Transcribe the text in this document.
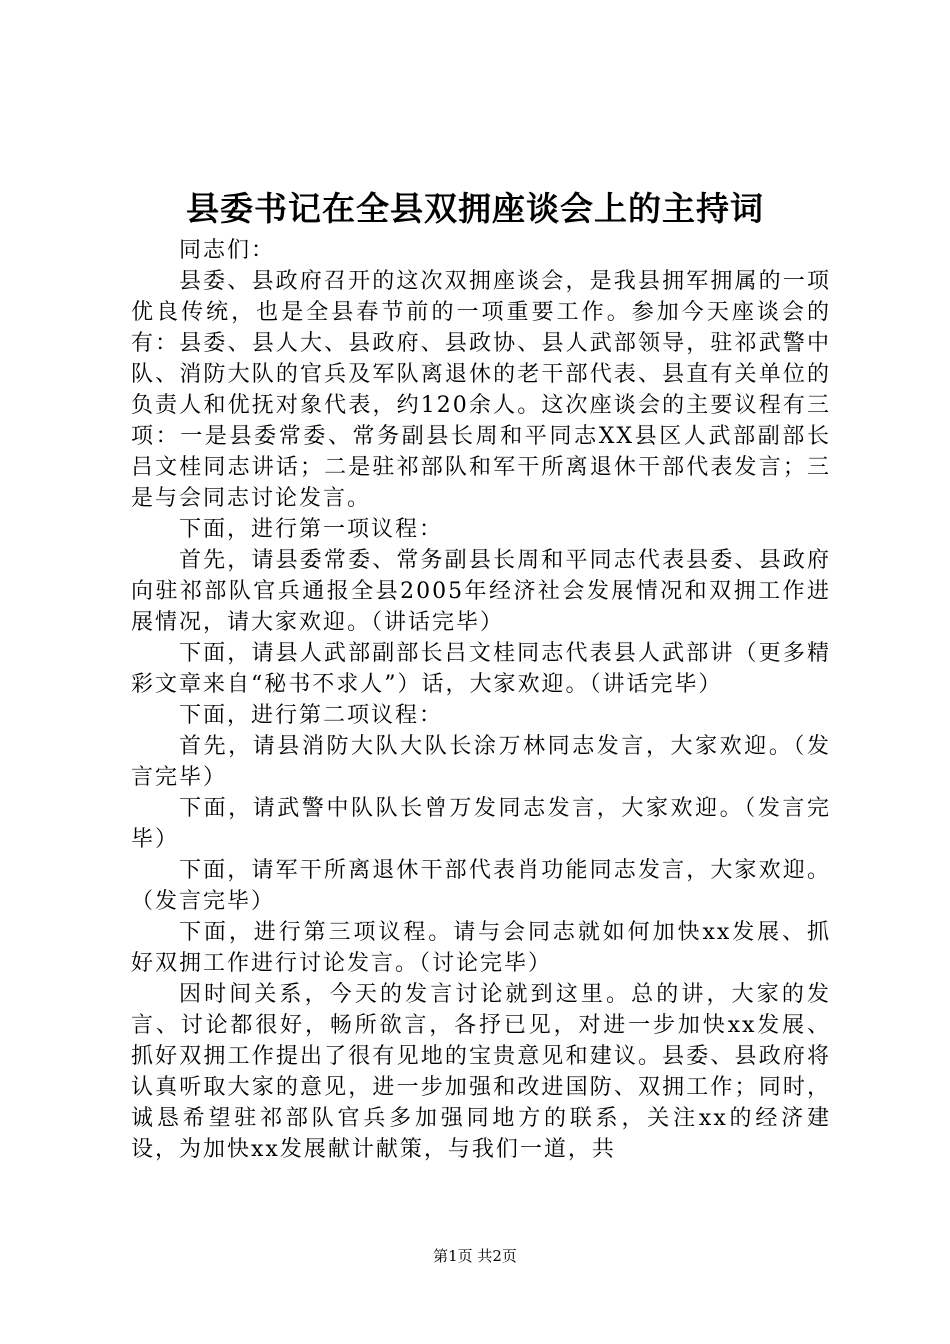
县委书记在全县双拥座谈会上的主持词

同志们：

县委、县政府召开的这次双拥座谈会，是我县拥军拥属的一项优良传统，也是全县春节前的一项重要工作。参加今天座谈会的有：县委、县人大、县政府、县政协、县人武部领导，驻祁武警中队、消防大队的官兵及军队离退休的老干部代表、县直有关单位的负责人和优抚对象代表，约120余人。这次座谈会的主要议程有三项：一是县委常委、常务副县长周和平同志XX县区人武部副部长吕文桂同志讲话；二是驻祁部队和军干所离退休干部代表发言；三是与会同志讨论发言。

下面，进行第一项议程：

首先，请县委常委、常务副县长周和平同志代表县委、县政府向驻祁部队官兵通报全县2005年经济社会发展情况和双拥工作进展情况，请大家欢迎。（讲话完毕）

下面，请县人武部副部长吕文桂同志代表县人武部讲（更多精彩文章来自“秘书不求人”）话，大家欢迎。（讲话完毕）

下面，进行第二项议程：

首先，请县消防大队大队长涂万林同志发言，大家欢迎。（发言完毕）

下面，请武警中队队长曾万发同志发言，大家欢迎。（发言完毕）

下面，请军干所离退休干部代表肖功能同志发言，大家欢迎。（发言完毕）

下面，进行第三项议程。请与会同志就如何加快xx发展、抓好双拥工作进行讨论发言。（讨论完毕）

因时间关系，今天的发言讨论就到这里。总的讲，大家的发言、讨论都很好，畅所欲言，各抒已见，对进一步加快xx发展、抓好双拥工作提出了很有见地的宝贵意见和建议。县委、县政府将认真听取大家的意见，进一步加强和改进国防、双拥工作；同时，诚恳希望驻祁部队官兵多加强同地方的联系，关注xx的经济建设，为加快xx发展献计献策，与我们一道，共

第1页 共2页
